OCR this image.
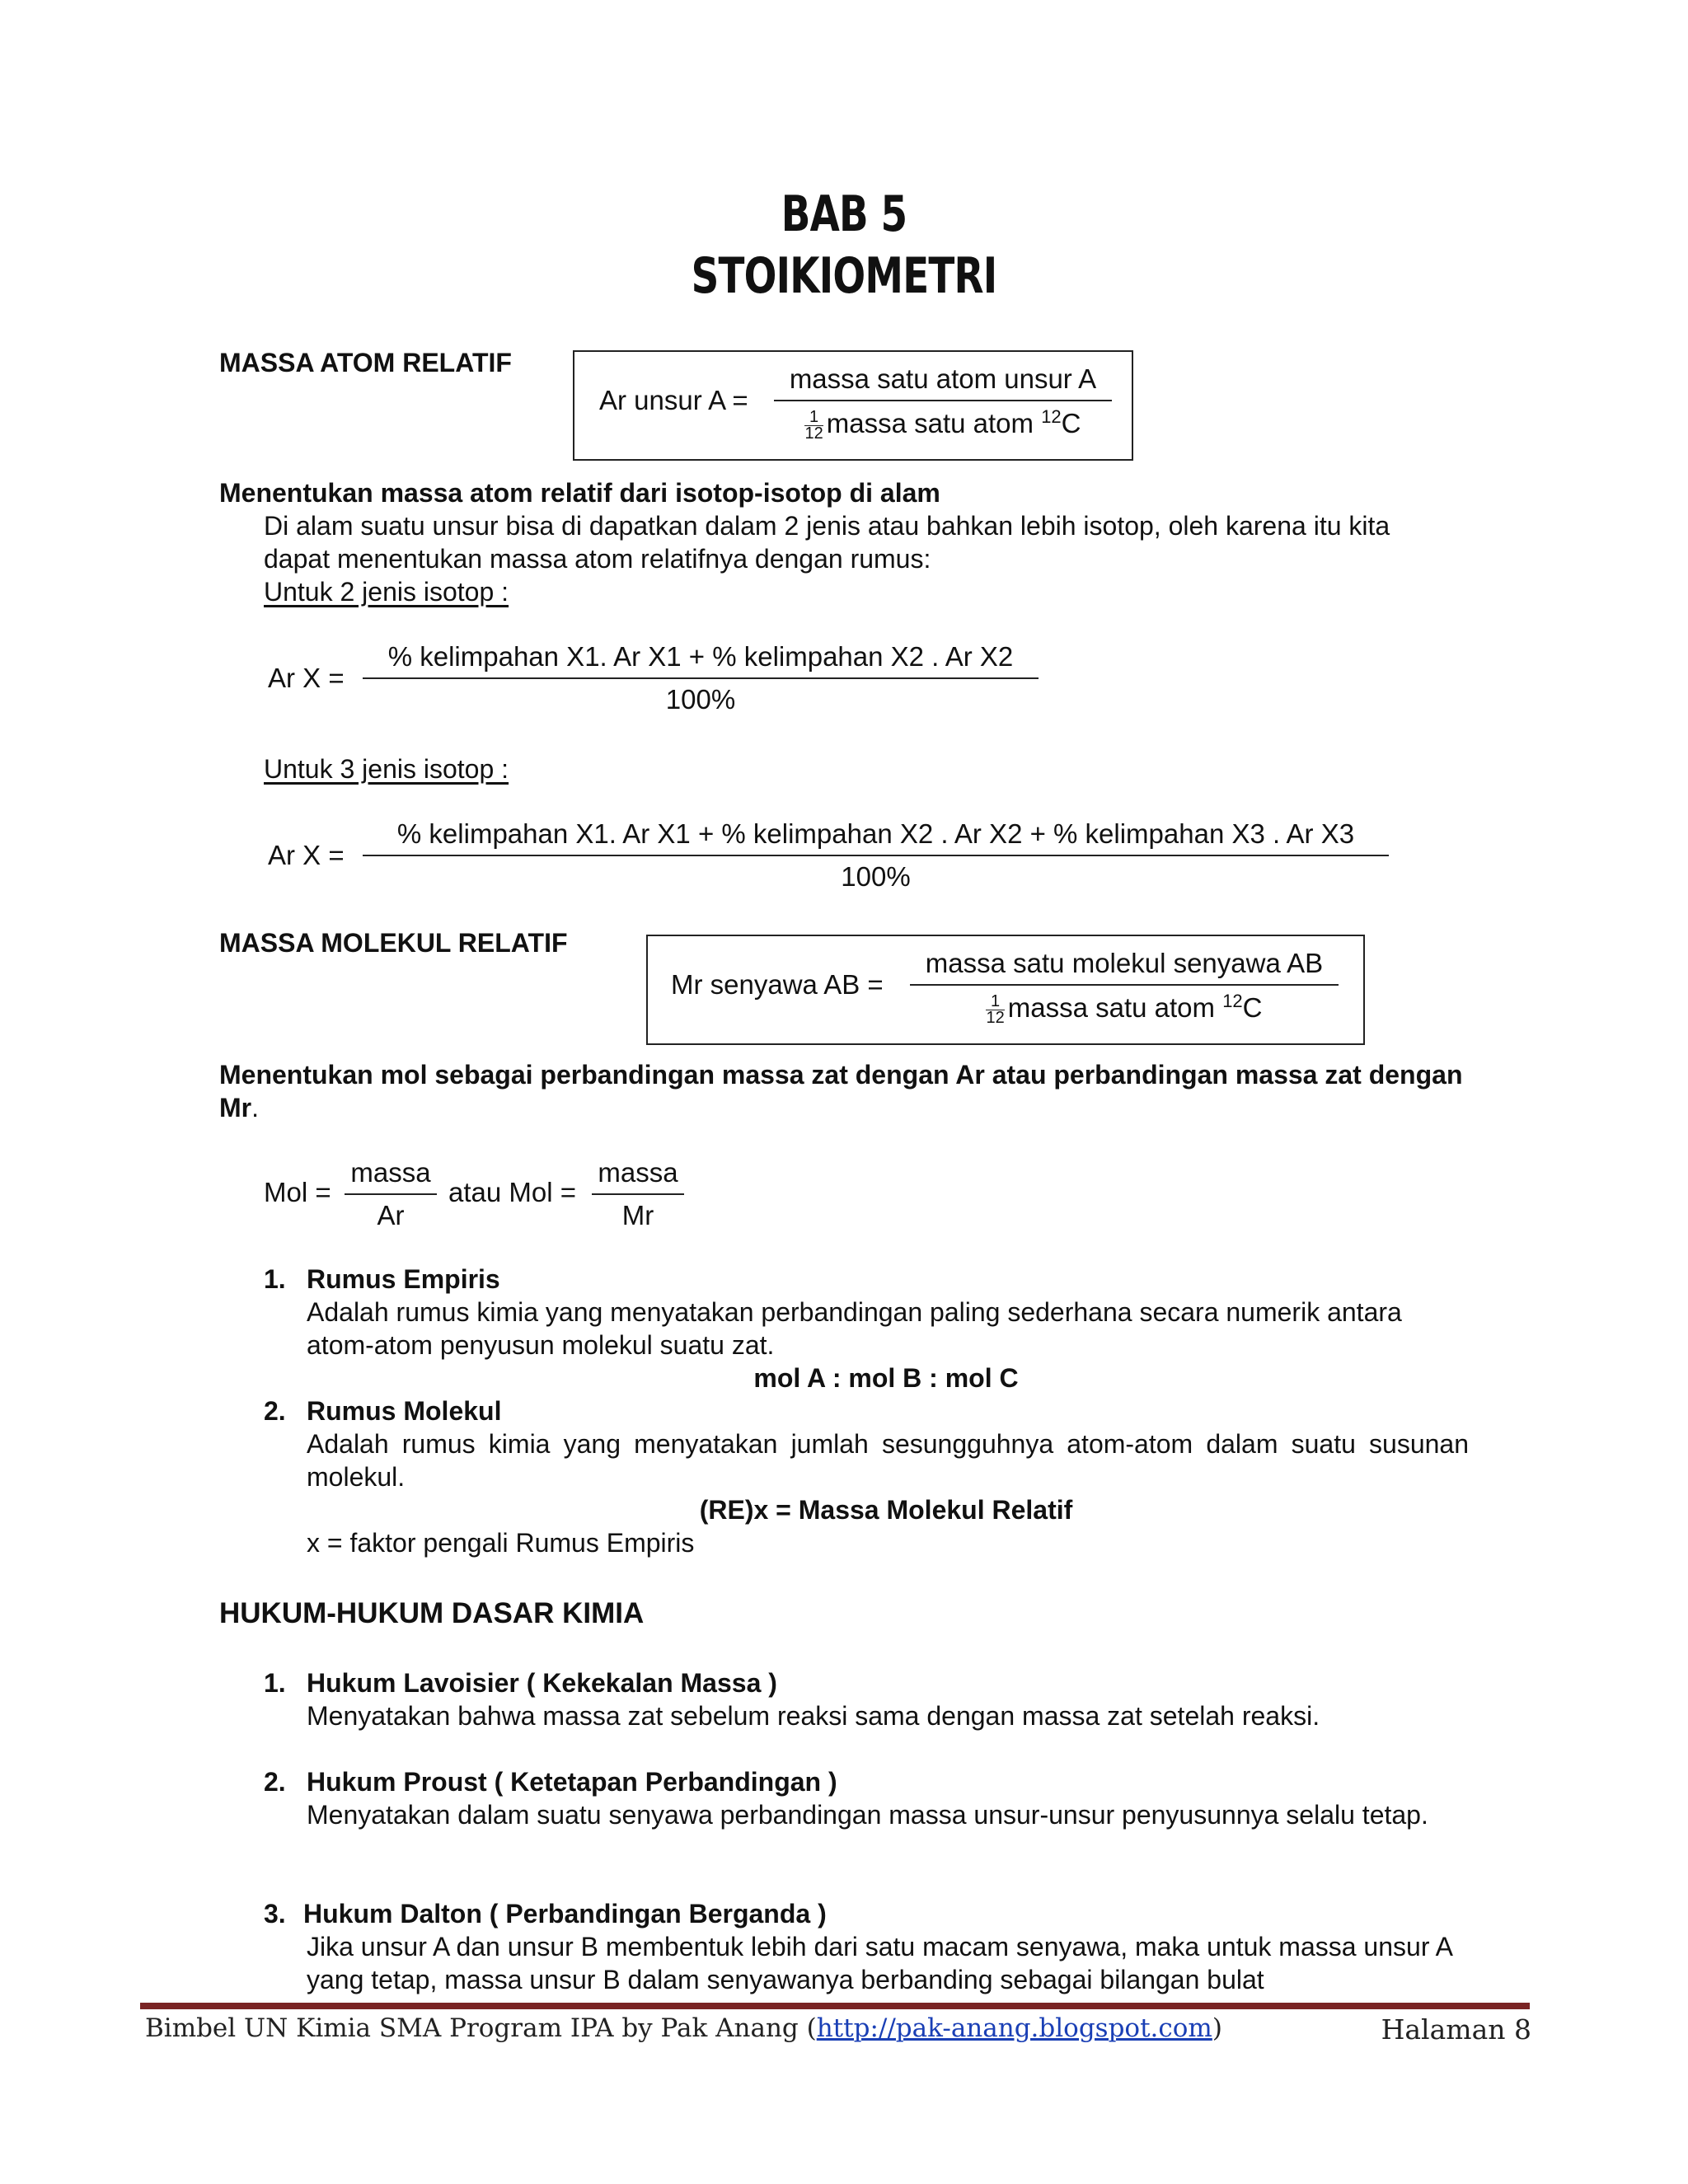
BAB 5
STOIKIOMETRI
MASSA ATOM RELATIF
Ar unsur A =
massa satu atom unsur A
$\frac{1}{12}$ massa satu atom $^{12}$C
Menentukan massa atom relatif dari isotop-isotop di alam
Di alam suatu unsur bisa di dapatkan dalam 2 jenis atau bahkan lebih isotop, oleh karena itu kita dapat menentukan massa atom relatifnya dengan rumus:
Untuk 2 jenis isotop :
Ar X =
% kelimpahan X1. Ar X1 + % kelimpahan X2 . Ar X2
100%
Untuk 3 jenis isotop :
Ar X =
% kelimpahan X1. Ar X1 + % kelimpahan X2 . Ar X2 + % kelimpahan X3 . Ar X3
100%
MASSA MOLEKUL RELATIF
Mr senyawa AB =
massa satu molekul senyawa AB
$\frac{1}{12}$ massa satu atom $^{12}$C
Menentukan mol sebagai perbandingan massa zat dengan Ar atau perbandingan massa zat dengan Mr.
Mol =
massa
Ar
atau Mol =
massa
Mr
1. Rumus Empiris
Adalah rumus kimia yang menyatakan perbandingan paling sederhana secara numerik antara atom-atom penyusun molekul suatu zat.
mol A : mol B : mol C
2. Rumus Molekul
Adalah rumus kimia yang menyatakan jumlah sesungguhnya atom-atom dalam suatu susunan molekul.
(RE)x = Massa Molekul Relatif
x = faktor pengali Rumus Empiris
HUKUM-HUKUM DASAR KIMIA
1. Hukum Lavoisier ( Kekekalan Massa )
Menyatakan bahwa massa zat sebelum reaksi sama dengan massa zat setelah reaksi.
2. Hukum Proust ( Ketetapan Perbandingan )
Menyatakan dalam suatu senyawa perbandingan massa unsur-unsur penyusunnya selalu tetap.
3. Hukum Dalton ( Perbandingan Berganda )
Jika unsur A dan unsur B membentuk lebih dari satu macam senyawa, maka untuk massa unsur A yang tetap, massa unsur B dalam senyawanya berbanding sebagai bilangan bulat
Bimbel UN Kimia SMA Program IPA by Pak Anang (http://pak-anang.blogspot.com)	Halaman 8
